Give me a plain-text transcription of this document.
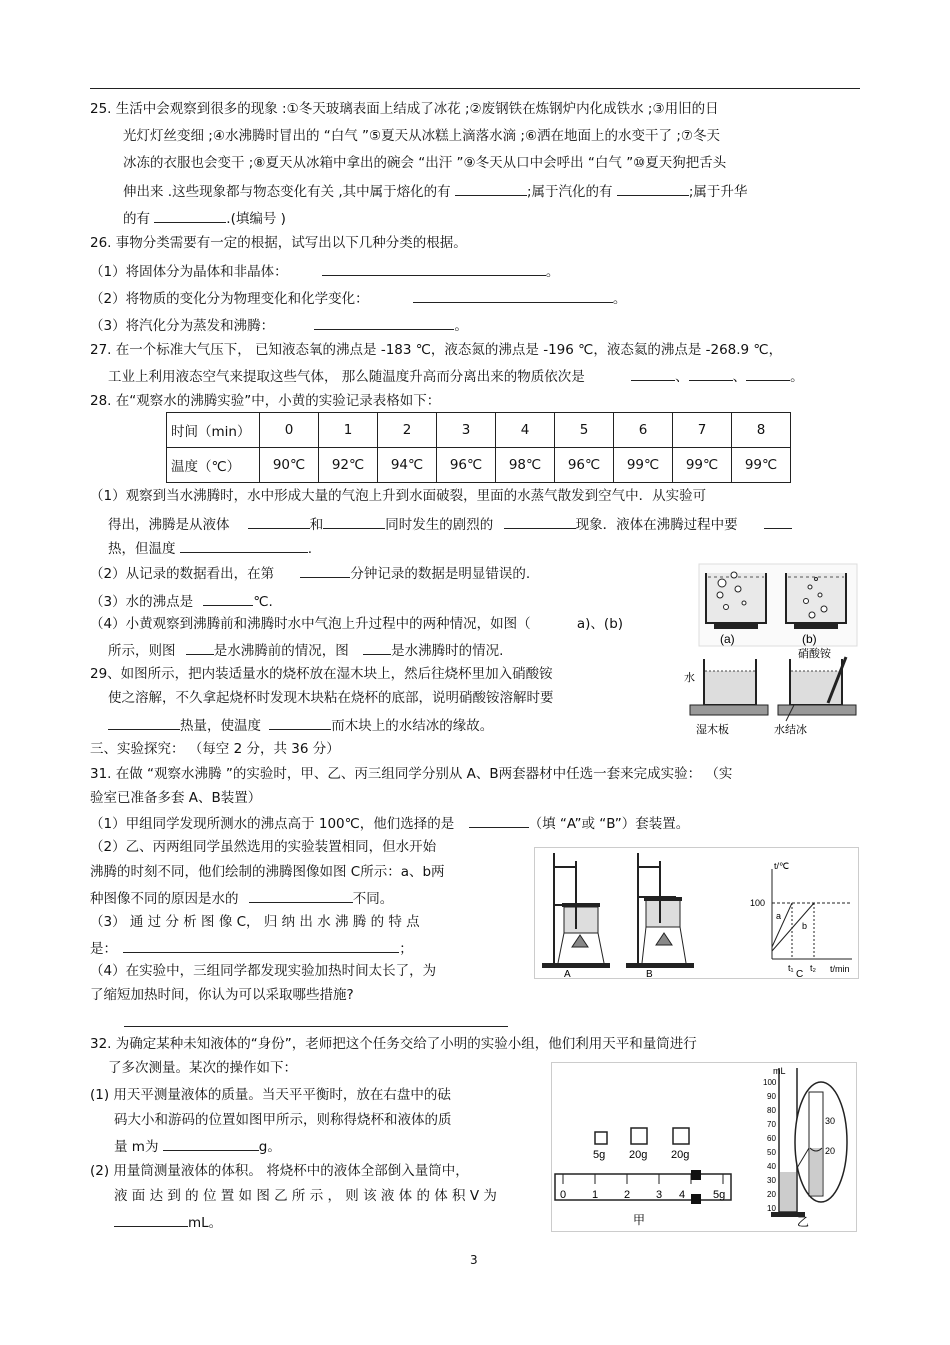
25. 生活中会观察到很多的现象 :①冬天玻璃表面上结成了冰花 ;②废钢铁在炼钢炉内化成铁水 ;③用旧的日
光灯灯丝变细 ;④水沸腾时冒出的 “白气 ”⑤夏天从冰糕上滴落水滴 ;⑥洒在地面上的水变干了 ;⑦冬天
冰冻的衣服也会变干 ;⑧夏天从冰箱中拿出的碗会 “出汗 ”⑨冬天从口中会呼出 “白气 ”⑩夏天狗把舌头
伸出来 .这些现象都与物态变化有关 ,其中属于熔化的有	;属于汽化的有	;属于升华
的有	.(填编号 )
26. 事物分类需要有一定的根据，试写出以下几种分类的根据。
（1）将固体分为晶体和非晶体：	。
（2）将物质的变化分为物理变化和化学变化：	。
（3）将汽化分为蒸发和沸腾：	。
27. 在一个标准大气压下， 已知液态氧的沸点是 -183 ℃，液态氮的沸点是 -196 ℃，液态氦的沸点是 -268.9 ℃，
工业上利用液态空气来提取这些气体， 那么随温度升高而分离出来的物质依次是	、	、	。
28. 在“观察水的沸腾实验”中，小黄的实验记录表格如下：
时间（min）	0	1	2	3	4	5	6	7	8
温度（℃）	90℃	92℃	94℃	96℃	98℃	96℃	99℃	99℃	99℃
（1）观察到当水沸腾时，水中形成大量的气泡上升到水面破裂，里面的水蒸气散发到空气中．从实验可
得出，沸腾是从液体	和	同时发生的剧烈的	现象．液体在沸腾过程中要
热，但温度	.
（2）从记录的数据看出，在第	分钟记录的数据是明显错误的.
（3）水的沸点是	℃.
（4）小黄观察到沸腾前和沸腾时水中气泡上升过程中的两种情况，如图（	a)、(b)
所示，则图	是水沸腾前的情况，图	是水沸腾时的情况.
(a)	(b)
29、如图所示，把内装适量水的烧杯放在湿木块上，然后往烧杯里加入硝酸铵
使之溶解，不久拿起烧杯时发现木块粘在烧杯的底部，说明硝酸铵溶解时要
热量，使温度	而木块上的水结冰的缘故。
水
湿木板
硝酸铵
水结冰
三、实验探究： （每空 2 分，共 36 分）
31. 在做 “观察水沸腾 ”的实验时，甲、乙、丙三组同学分别从 A、B两套器材中任选一套来完成实验： （实
验室已准备多套 A、B装置）
（1）甲组同学发现所测水的沸点高于 100℃，他们选择的是	（填 “A”或 “B”）套装置。
（2）乙、丙两组同学虽然选用的实验装置相同，但水开始
沸腾的时刻不同，他们绘制的沸腾图像如图 C所示：a、b两
种图像不同的原因是水的	不同。
（3） 通 过 分 析 图 像 C， 归 纳 出 水 沸 腾 的 特 点
是：	；
（4）在实验中，三组同学都发现实验加热时间太长了，为
了缩短加热时间，你认为可以采取哪些措施?
A	B
t/℃
t/min
100
a
b
t₁ t₂
C
32. 为确定某种未知液体的“身份”，老师把这个任务交给了小明的实验小组，他们利用天平和量筒进行
了多次测量。某次的操作如下：
(1) 用天平测量液体的质量。当天平平衡时，放在右盘中的砝
码大小和游码的位置如图甲所示，则称得烧杯和液体的质
量 m为	g。
(2) 用量筒测量液体的体积。 将烧杯中的液体全部倒入量筒中，
液 面 达 到 的 位 置 如 图 乙 所 示 ， 则 该 液 体 的 体 积 V 为
mL。
5g 20g 20g
0 1 2 3 4	5g
甲
mL
100
90
80
70
60
50
40
30
20
10
30
20
乙
3
